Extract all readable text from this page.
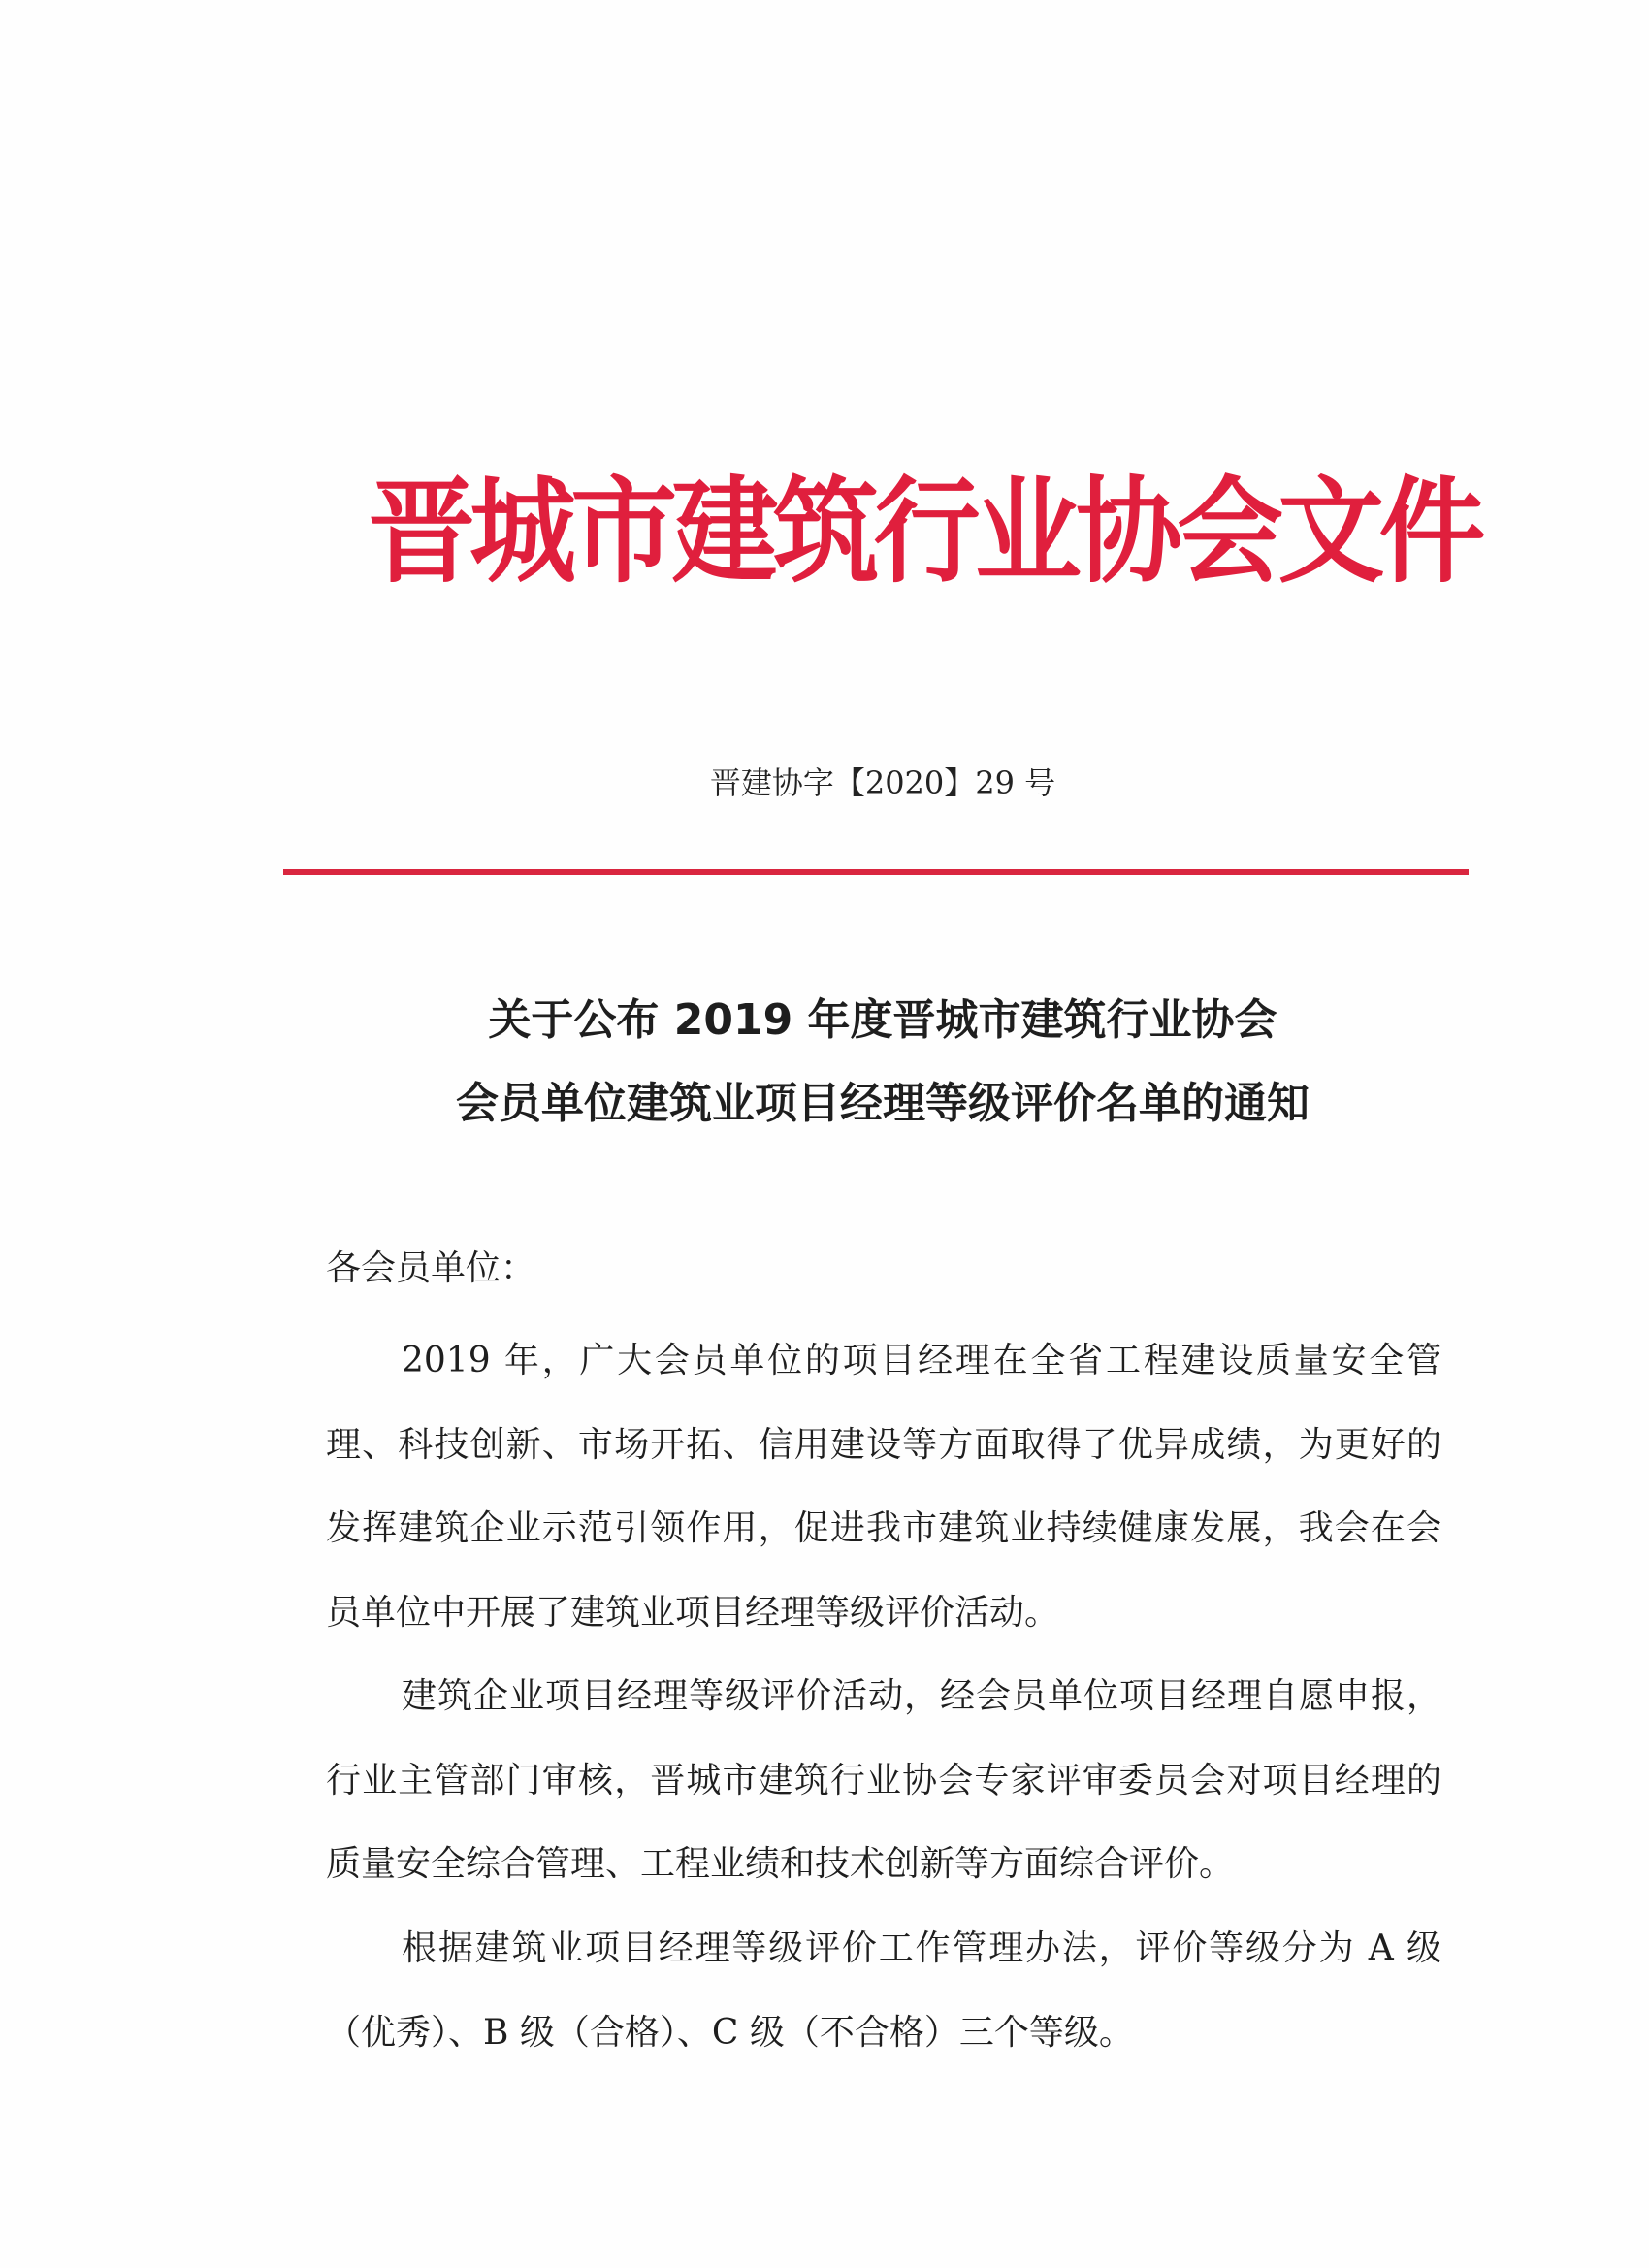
晋城市建筑行业协会文件
晋建协字【2020】29 号
关于公布 2019 年度晋城市建筑行业协会
会员单位建筑业项目经理等级评价名单的通知
各会员单位：

2019 年，广大会员单位的项目经理在全省工程建设质量安全管理、科技创新、市场开拓、信用建设等方面取得了优异成绩，为更好的发挥建筑企业示范引领作用，促进我市建筑业持续健康发展，我会在会员单位中开展了建筑业项目经理等级评价活动。

建筑企业项目经理等级评价活动，经会员单位项目经理自愿申报，行业主管部门审核，晋城市建筑行业协会专家评审委员会对项目经理的质量安全综合管理、工程业绩和技术创新等方面综合评价。

根据建筑业项目经理等级评价工作管理办法，评价等级分为 A 级（优秀）、B 级（合格）、C 级（不合格）三个等级。
